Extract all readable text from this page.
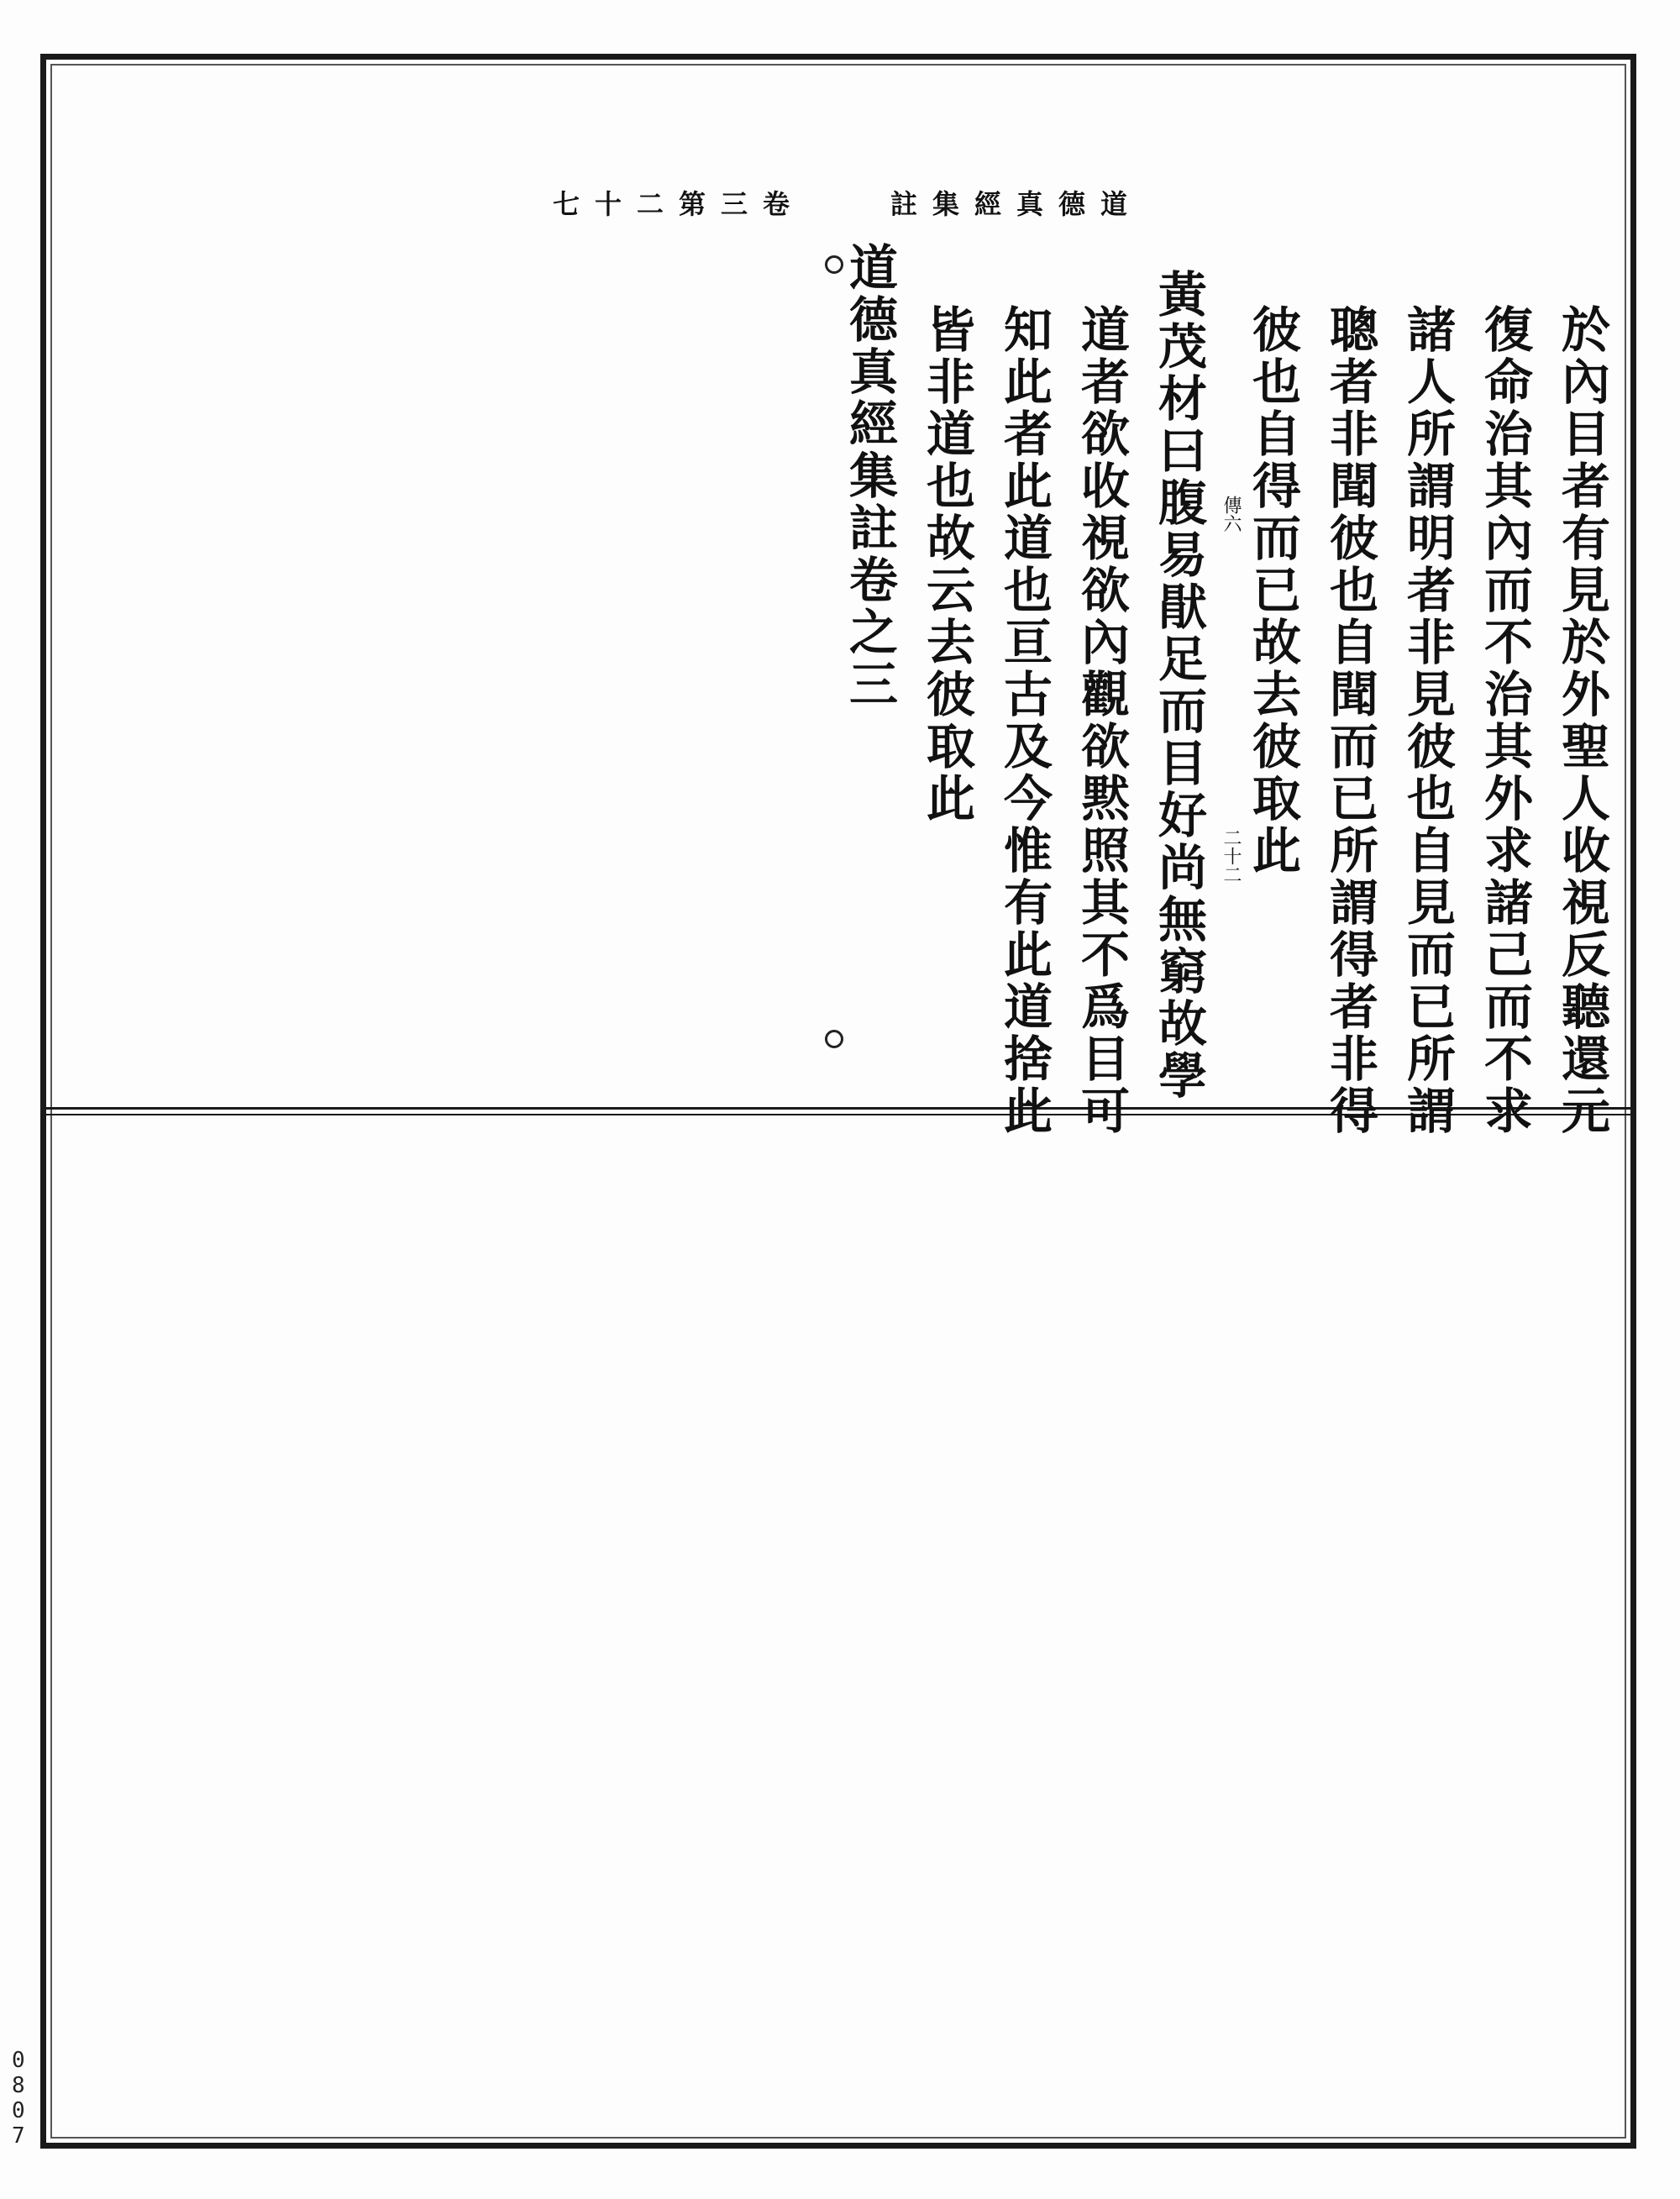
道德真經集註
卷三第二十七
於內目者有見於外聖人收視反聽還元
復命治其內而不治其外求諸己而不求
諸人所謂明者非見彼也自見而已所謂
聰者非聞彼也自聞而已所謂得者非得
彼也自得而已故去彼取此
傳六
二十二
黃茂材曰腹易猒足而目好尚無窮故學
道者欲收視欲內觀欲黙照其不爲目可
知此者此道也亘古及今惟有此道捨此
皆非道也故云去彼取此
道德真經集註卷之三
0
8
0
7
